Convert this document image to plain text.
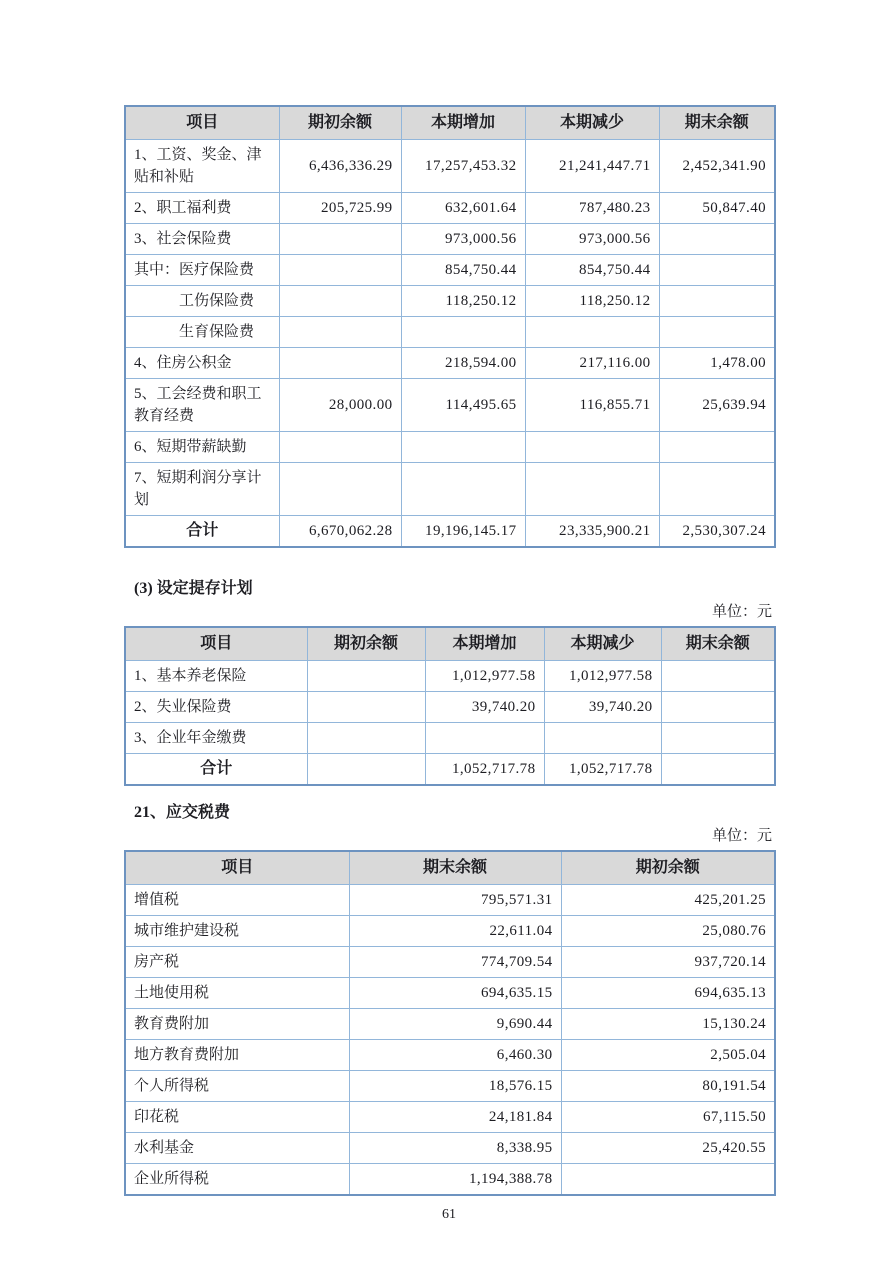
项目	期初余额	本期增加	本期减少	期末余额
1、工资、奖金、津贴和补贴	6,436,336.29	17,257,453.32	21,241,447.71	2,452,341.90
2、职工福利费	205,725.99	632,601.64	787,480.23	50,847.40
3、社会保险费		973,000.56	973,000.56	
其中：医疗保险费		854,750.44	854,750.44	
工伤保险费		118,250.12	118,250.12	
生育保险费				
4、住房公积金		218,594.00	217,116.00	1,478.00
5、工会经费和职工教育经费	28,000.00	114,495.65	116,855.71	25,639.94
6、短期带薪缺勤				
7、短期利润分享计划				
合计	6,670,062.28	19,196,145.17	23,335,900.21	2,530,307.24
(3) 设定提存计划
单位：元
项目	期初余额	本期增加	本期减少	期末余额
1、基本养老保险		1,012,977.58	1,012,977.58	
2、失业保险费		39,740.20	39,740.20	
3、企业年金缴费				
合计		1,052,717.78	1,052,717.78	
21、应交税费
单位：元
项目	期末余额	期初余额
增值税	795,571.31	425,201.25
城市维护建设税	22,611.04	25,080.76
房产税	774,709.54	937,720.14
土地使用税	694,635.15	694,635.13
教育费附加	9,690.44	15,130.24
地方教育费附加	6,460.30	2,505.04
个人所得税	18,576.15	80,191.54
印花税	24,181.84	67,115.50
水利基金	8,338.95	25,420.55
企业所得税	1,194,388.78	
61
